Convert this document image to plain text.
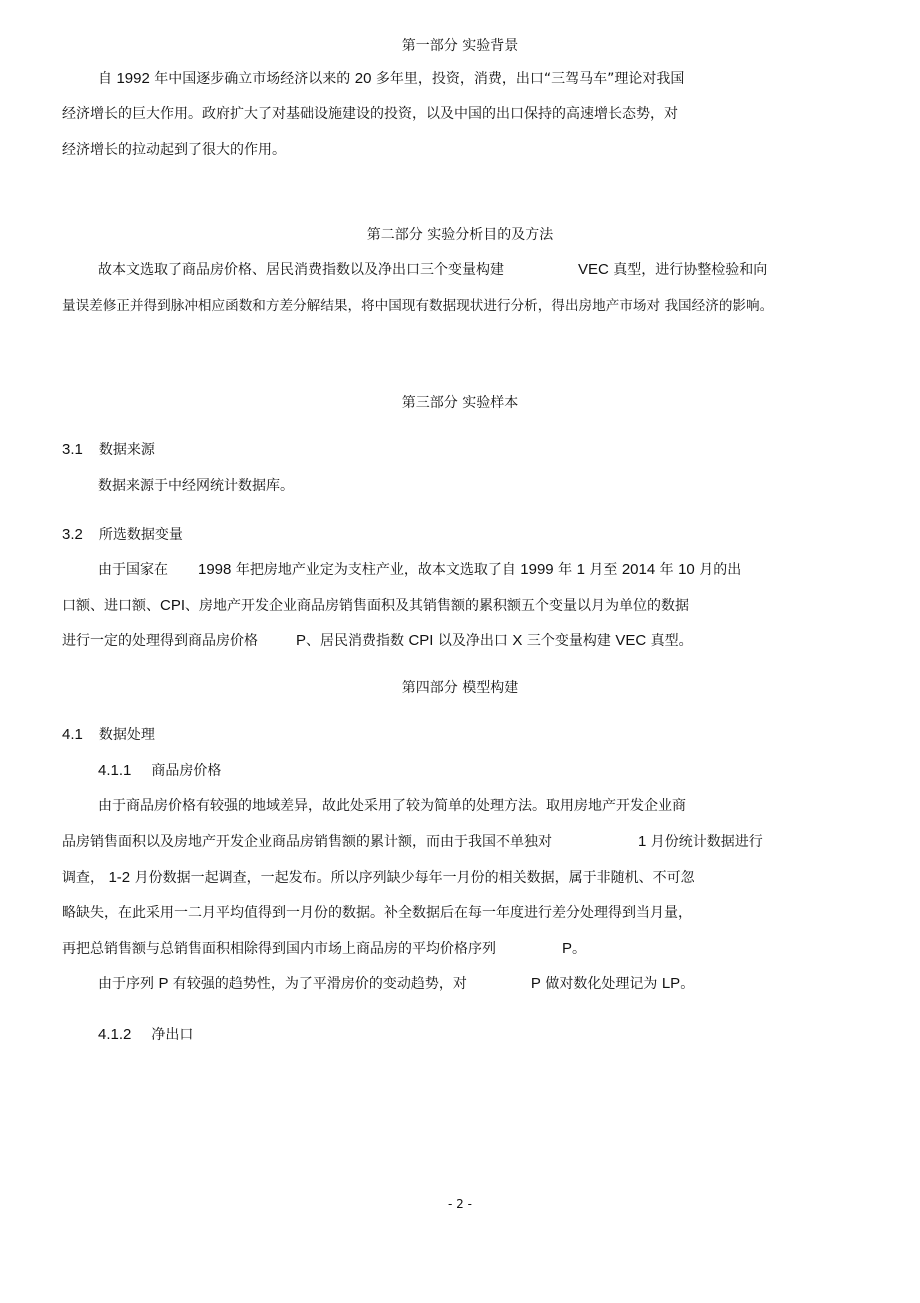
第一部分 实验背景
自 1992 年中国逐步确立市场经济以来的 20 多年里，投资，消费，出口“三驾马车”理论对我国
经济增长的巨大作用。政府扩大了对基础设施建设的投资，以及中国的出口保持的高速增长态势，对
经济增长的拉动起到了很大的作用。
第二部分 实验分析目的及方法
故本文选取了商品房价格、居民消费指数以及净出口三个变量构建	VEC 真型，进行协整检验和向
量误差修正并得到脉冲相应函数和方差分解结果，将中国现有数据现状进行分析，得出房地产市场对 我国经济的影响。
第三部分 实验样本
3.1 数据来源
数据来源于中经网统计数据库。
3.2 所选数据变量
由于国家在 1998 年把房地产业定为支柱产业，故本文选取了自 1999 年 1 月至 2014 年 10 月的出
口额、进口额、CPI、房地产开发企业商品房销售面积及其销售额的累积额五个变量以月为单位的数据
进行一定的处理得到商品房价格	P、居民消费指数 CPI 以及净出口 X 三个变量构建 VEC 真型。
第四部分 模型构建
4.1 数据处理
4.1.1 商品房价格
由于商品房价格有较强的地域差异，故此处采用了较为简单的处理方法。取用房地产开发企业商
品房销售面积以及房地产开发企业商品房销售额的累计额，而由于我国不单独对	1 月份统计数据进行
调查， 1-2 月份数据一起调查，一起发布。所以序列缺少每年一月份的相关数据，属于非随机、不可忽
略缺失，在此采用一二月平均值得到一月份的数据。补全数据后在每一年度进行差分处理得到当月量，
再把总销售额与总销售面积相除得到国内市场上商品房的平均价格序列	P。
由于序列 P 有较强的趋势性，为了平滑房价的变动趋势，对	P 做对数化处理记为 LP。
4.1.2 净出口
- 2 -
